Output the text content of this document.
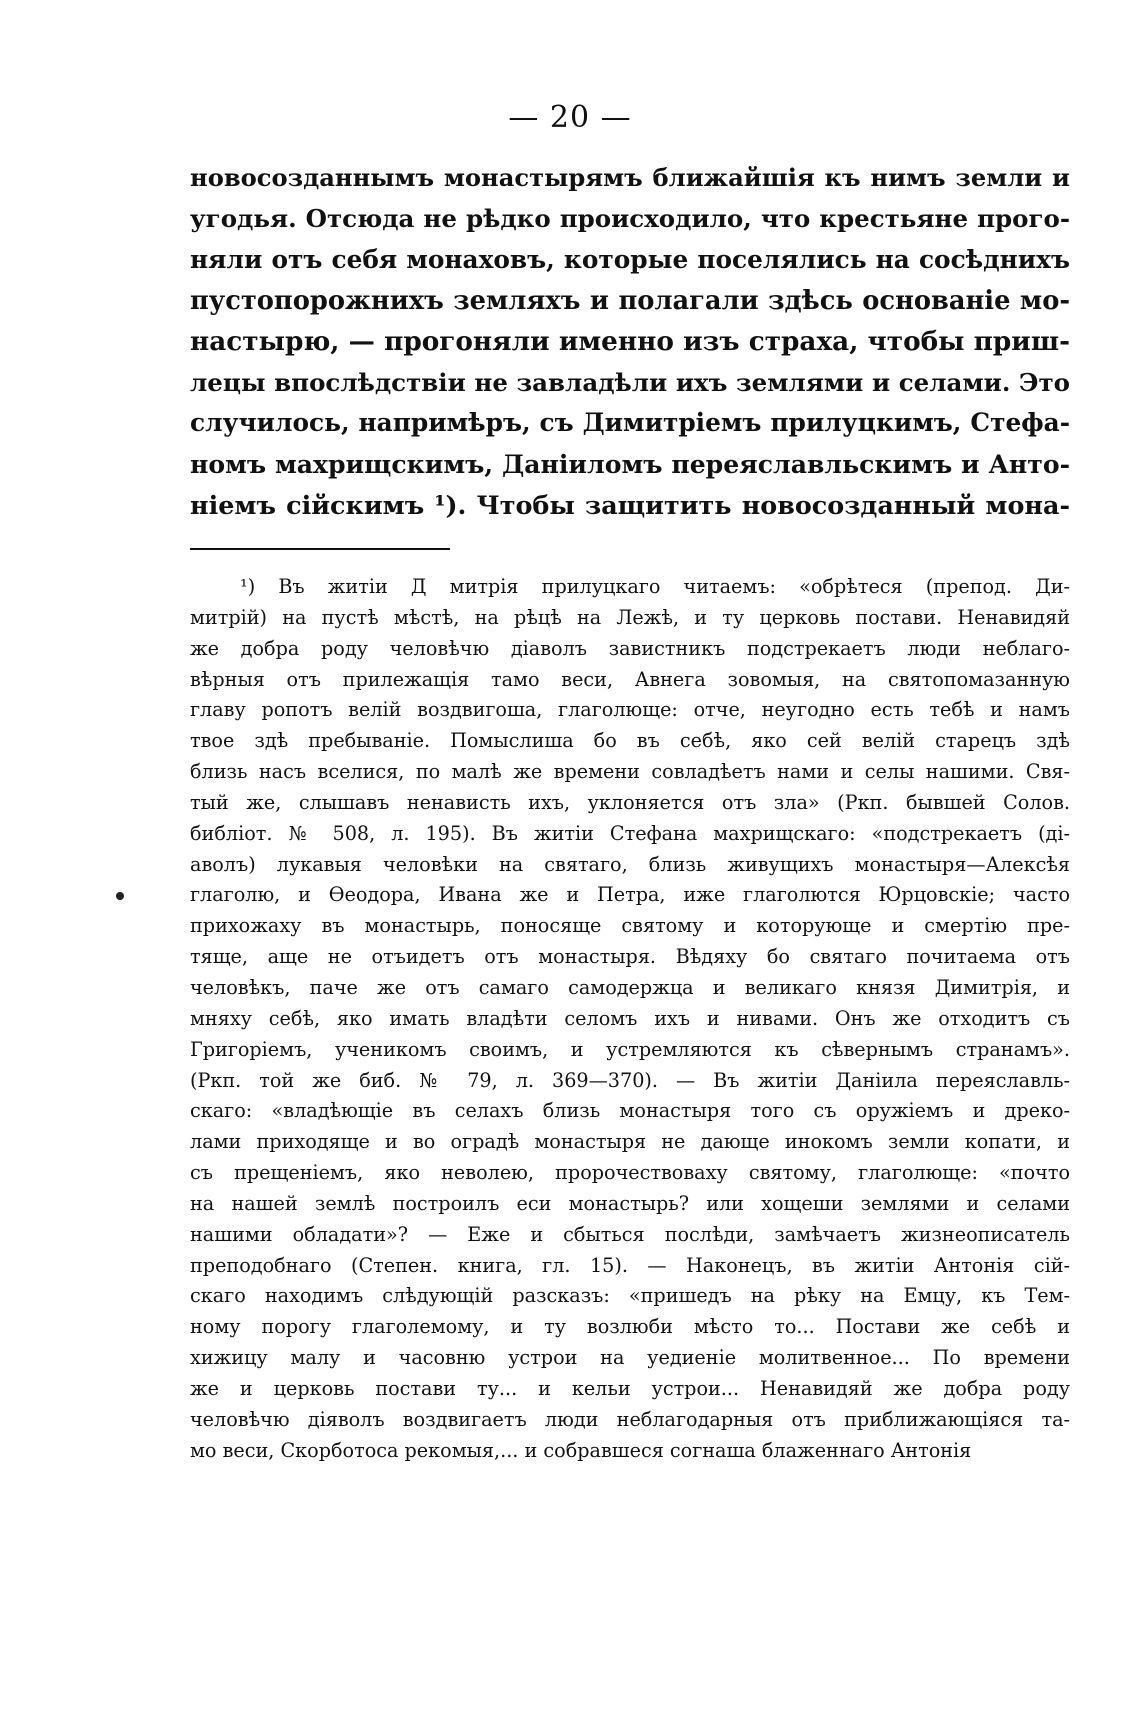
— 20 —
новосозданнымъ монастырямъ ближайшія къ нимъ земли и
угодья. Отсюда не рѣдко происходило, что крестьяне прого-
няли отъ себя монаховъ, которые поселялись на сосѣднихъ
пустопорожнихъ земляхъ и полагали здѣсь основаніе мо-
настырю, — прогоняли именно изъ страха, чтобы приш-
лецы впослѣдствіи не завладѣли ихъ землями и селами. Это
случилось, напримѣръ, съ Димитріемъ прилуцкимъ, Стефа-
номъ махрищскимъ, Даніиломъ переяславльскимъ и Анто-
ніемъ сійскимъ ¹). Чтобы защитить новосозданный мона-
¹) Въ житіи Д митрія прилуцкаго читаемъ: «обрѣтеся (препод. Ди-
митрій) на пустѣ мѣстѣ, на рѣцѣ на Лежѣ, и ту церковь постави. Ненавидяй
же добра роду человѣчю діаволъ завистникъ подстрекаетъ люди неблаго-
вѣрныя отъ прилежащія тамо веси, Авнега зовомыя, на святопомазанную
главу ропотъ велій воздвигоша, глаголюще: отче, неугодно есть тебѣ и намъ
твое здѣ пребываніе. Помыслиша бо въ себѣ, яко сей велій старецъ здѣ
близь насъ вселися, по малѣ же времени совладѣетъ нами и селы нашими. Свя-
тый же, слышавъ ненависть ихъ, уклоняется отъ зла» (Ркп. бывшей Солов.
библіот. № 508, л. 195). Въ житіи Стефана махрищскаго: «подстрекаетъ (ді-
аволъ) лукавыя человѣки на святаго, близь живущихъ монастыря—Алексѣя
глаголю, и Ѳеодора, Ивана же и Петра, иже глаголются Юрцовскіе; часто
прихожаху въ монастырь, поносяще святому и которующе и смертію пре-
тяще, аще не отъидетъ отъ монастыря. Вѣдяху бо святаго почитаема отъ
человѣкъ, паче же отъ самаго самодержца и великаго князя Димитрія, и
мняху себѣ, яко имать владѣти селомъ ихъ и нивами. Онъ же отходитъ съ
Григоріемъ, ученикомъ своимъ, и устремляются къ сѣвернымъ странамъ».
(Ркп. той же биб. № 79, л. 369—370). — Въ житіи Даніила переяславль-
скаго: «владѣющіе въ селахъ близь монастыря того съ оружіемъ и дреко-
лами приходяще и во оградѣ монастыря не дающе инокомъ земли копати, и
съ прещеніемъ, яко неволею, пророчествоваху святому, глаголюще: «почто
на нашей землѣ построилъ еси монастырь? или хощеши землями и селами
нашими обладати»? — Еже и сбыться послѣди, замѣчаетъ жизнеописатель
преподобнаго (Степен. книга, гл. 15). — Наконецъ, въ житіи Антонія сій-
скаго находимъ слѣдующій разсказъ: «пришедъ на рѣку на Емцу, къ Тем-
ному порогу глаголемому, и ту возлюби мѣсто то... Постави же себѣ и
хижицу малу и часовню устрои на уедиеніе молитвенное... По времени
же и церковь постави ту... и кельи устрои... Ненавидяй же добра роду
человѣчю діяволъ воздвигаетъ люди неблагодарныя отъ приближающіяся та-
мо веси, Скорботоса рекомыя,... и собравшеся согнаша блаженнаго Антонія
